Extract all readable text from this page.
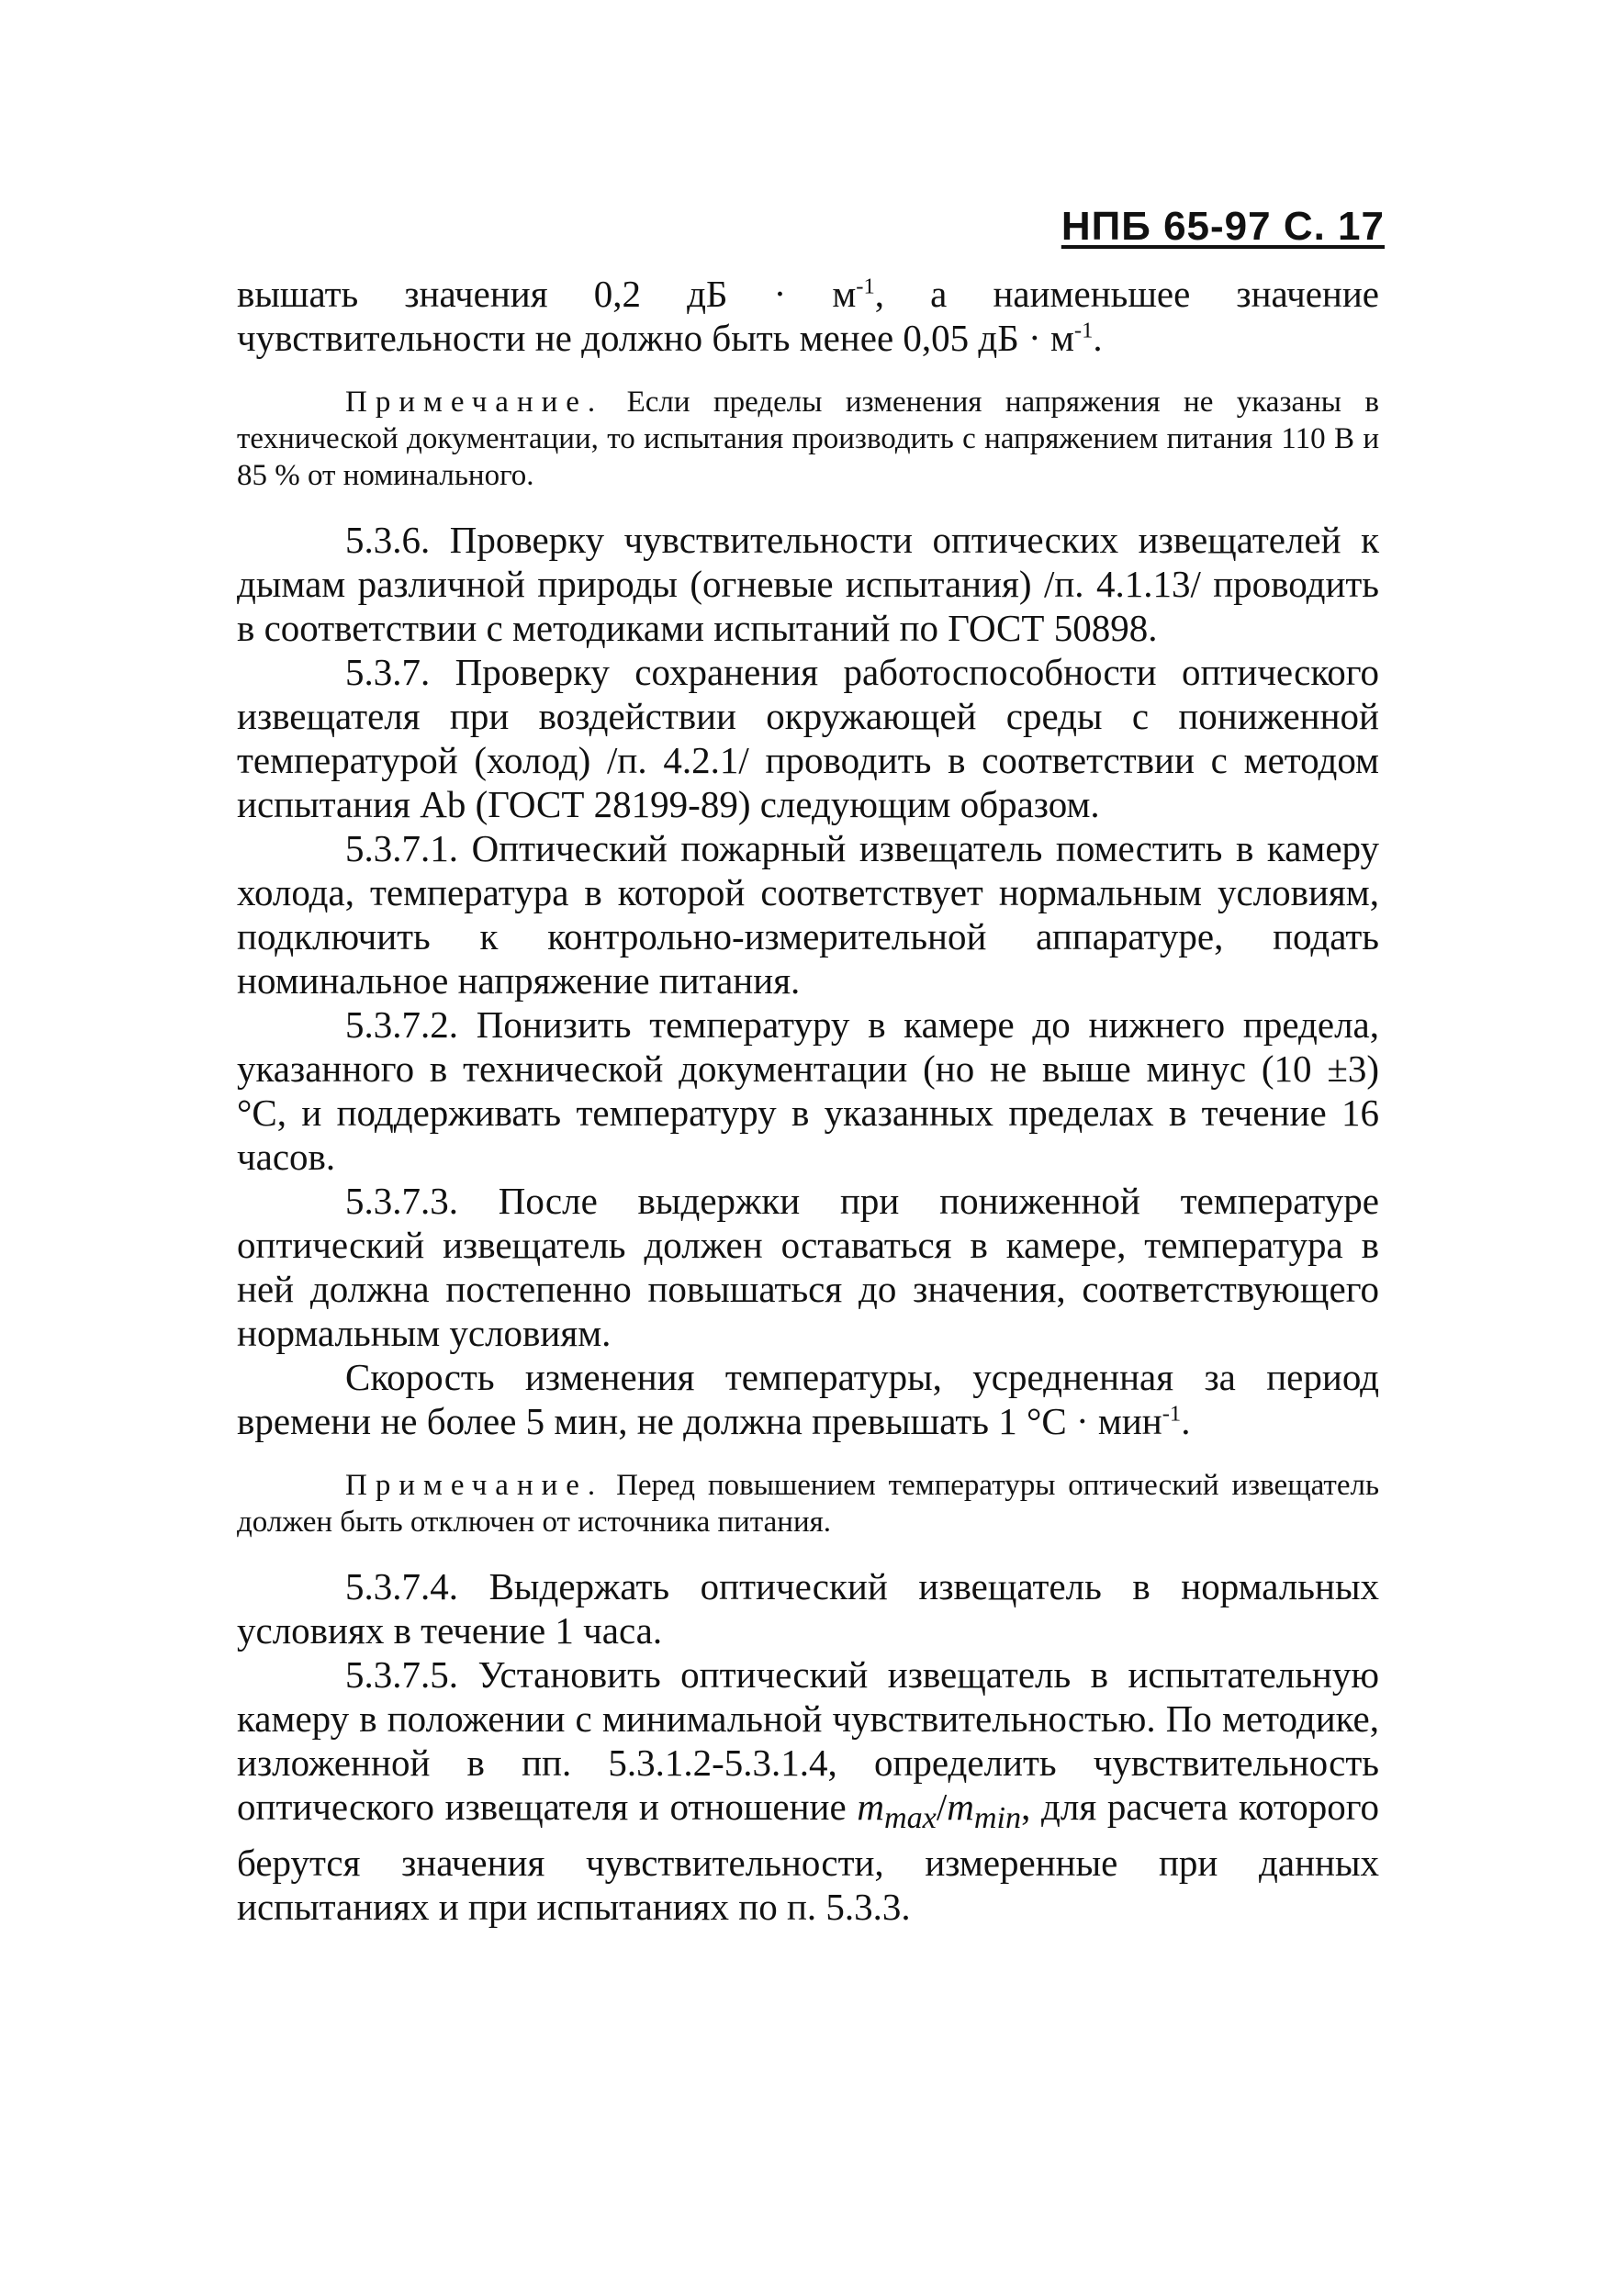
НПБ 65-97 С. 17

вышать значения 0,2 дБ · $м^{-1}$, а наименьшее значение чувствительности не должно быть менее 0,05 дБ · $м^{-1}$.

Примечание. Если пределы изменения напряжения не указаны в технической документации, то испытания производить с напряжением питания 110 В и 85 % от номинального.

5.3.6. Проверку чувствительности оптических извещателей к дымам различной природы (огневые испытания) /п. 4.1.13/ проводить в соответствии с методиками испытаний по ГОСТ 50898.

5.3.7. Проверку сохранения работоспособности оптического извещателя при воздействии окружающей среды с пониженной температурой (холод) /п. 4.2.1/ проводить в соответствии с методом испытания Ab (ГОСТ 28199-89) следующим образом.

5.3.7.1. Оптический пожарный извещатель поместить в камеру холода, температура в которой соответствует нормальным условиям, подключить к контрольно-измерительной аппаратуре, подать номинальное напряжение питания.

5.3.7.2. Понизить температуру в камере до нижнего предела, указанного в технической документации (но не выше минус (10 ±3) °С, и поддерживать температуру в указанных пределах в течение 16 часов.

5.3.7.3. После выдержки при пониженной температуре оптический извещатель должен оставаться в камере, температура в ней должна постепенно повышаться до значения, соответствующего нормальным условиям.

Скорость изменения температуры, усредненная за период времени не более 5 мин, не должна превышать 1 °С · мин$^{-1}$.

Примечание. Перед повышением температуры оптический извещатель должен быть отключен от источника питания.

5.3.7.4. Выдержать оптический извещатель в нормальных условиях в течение 1 часа.

5.3.7.5. Установить оптический извещатель в испытательную камеру в положении с минимальной чувствительностью. По методике, изложенной в пп. 5.3.1.2-5.3.1.4, определить чувствительность оптического извещателя и отношение $m_{max}/m_{min}$, для расчета которого берутся значения чувствительности, измеренные при данных испытаниях и при испытаниях по п. 5.3.3.
